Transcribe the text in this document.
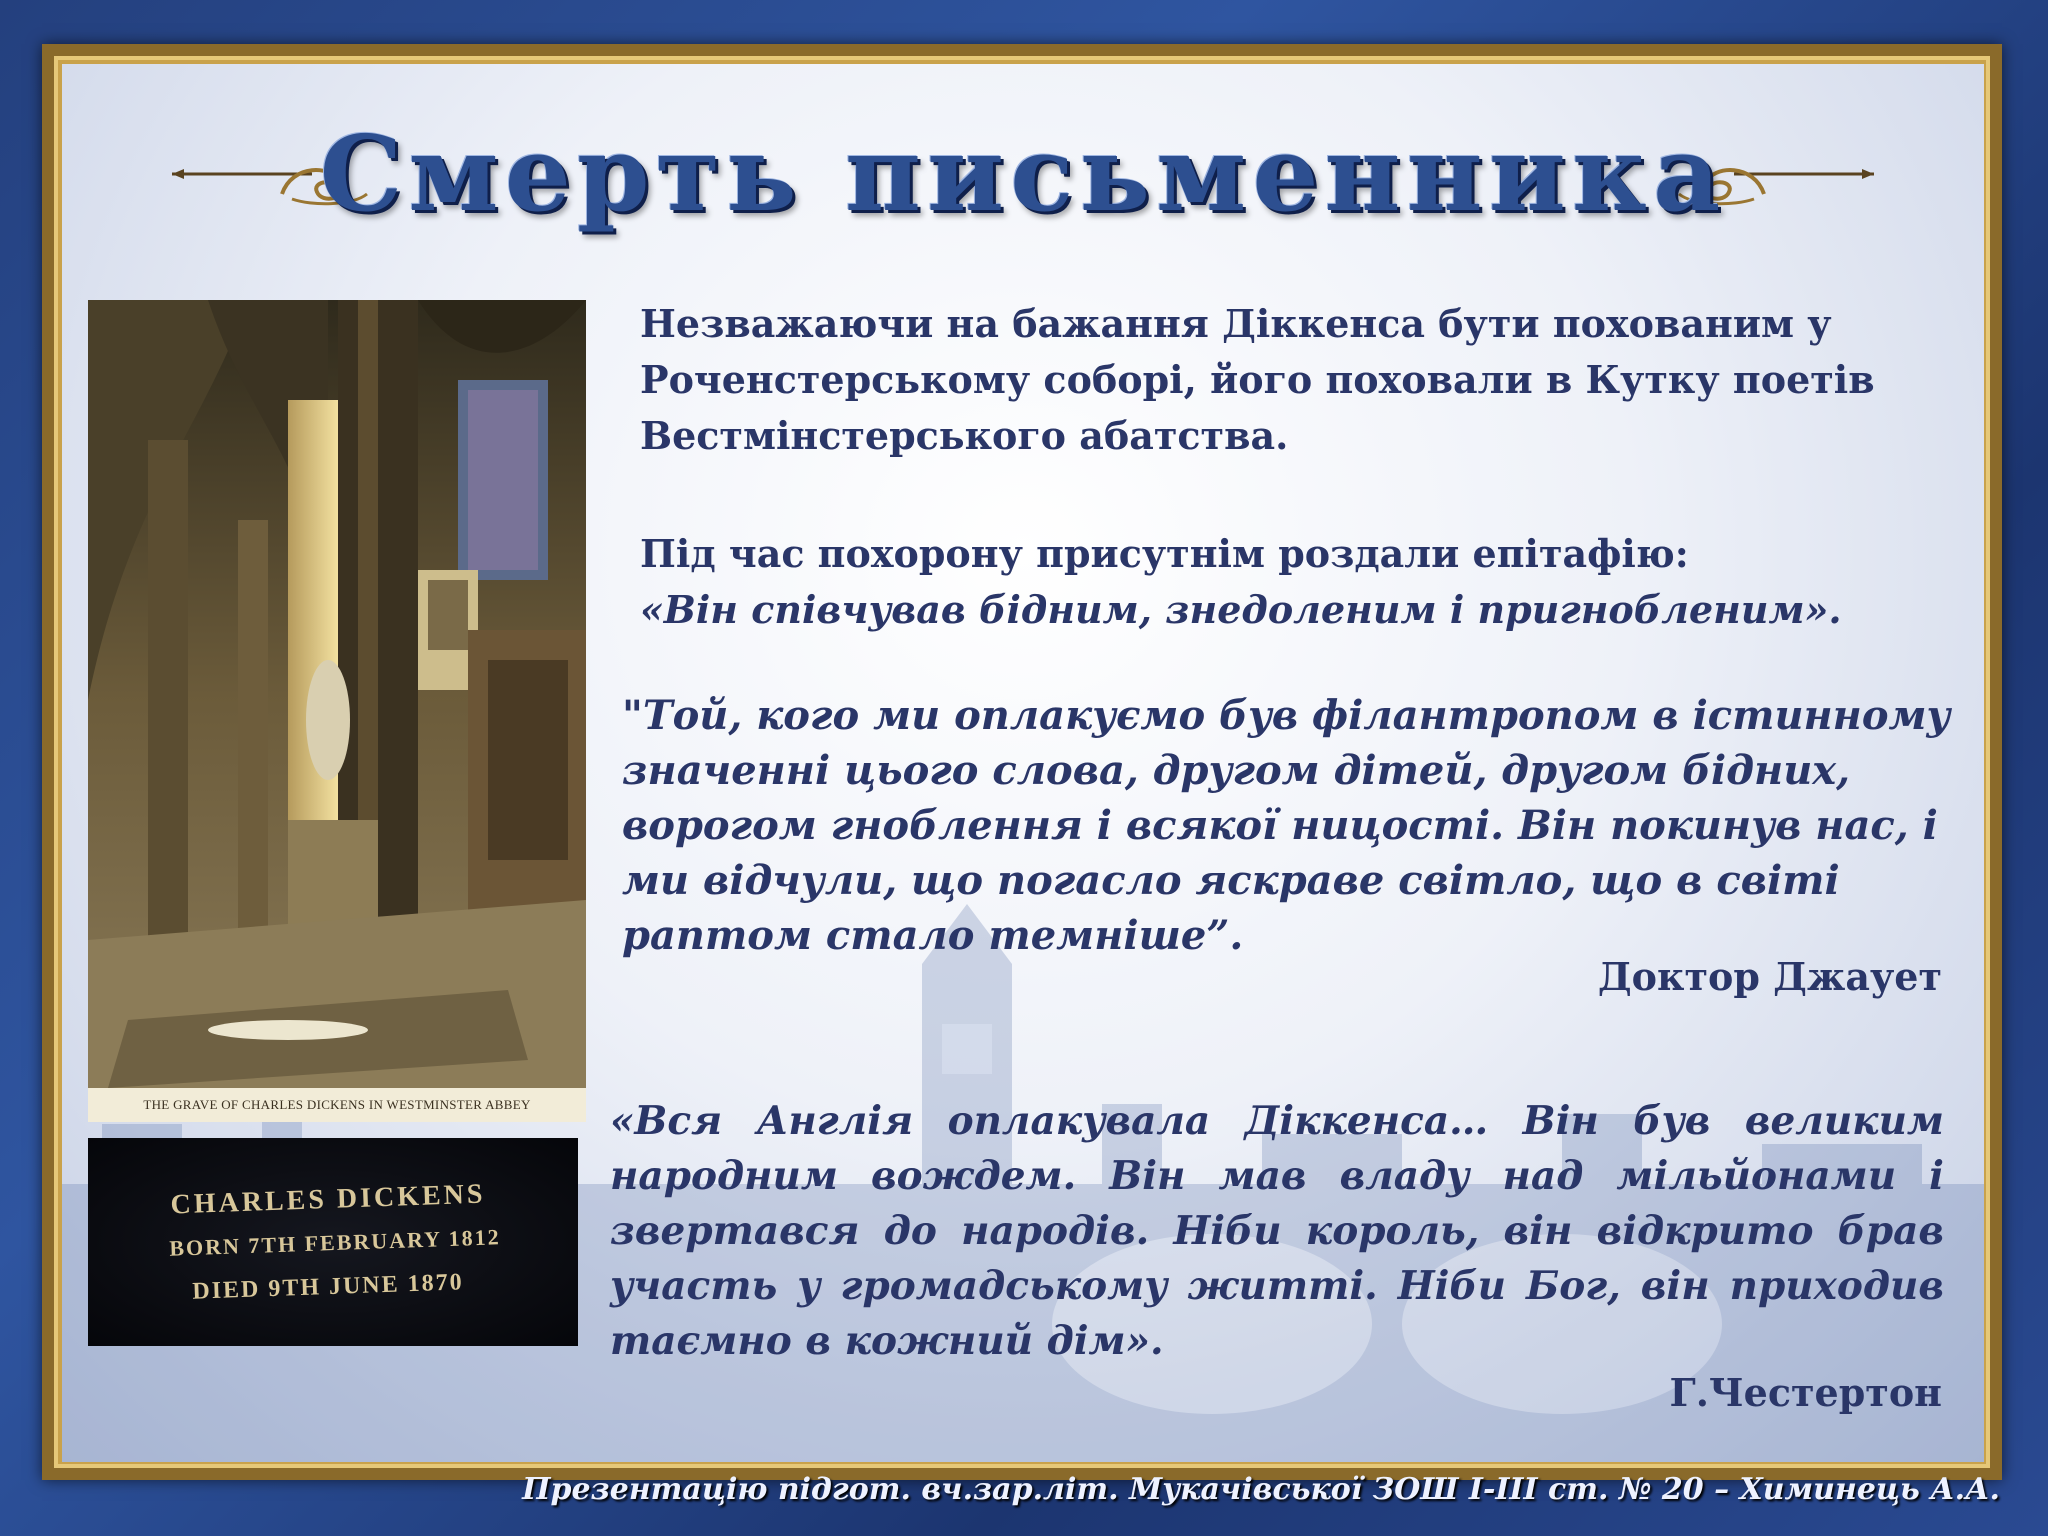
Смерть письменника
THE GRAVE OF CHARLES DICKENS IN WESTMINSTER ABBEY
CHARLES DICKENS
BORN 7TH FEBRUARY 1812
DIED 9TH JUNE 1870
Незважаючи на бажання Діккенса бути похованим у Роченстерському соборі, його поховали в Кутку поетів Вестмінстерського абатства.
Під час похорону присутнім роздали епітафію:
«Він співчував бідним, знедоленим і пригнобленим».
"Той, кого ми оплакуємо був філантропом в істинному значенні цього слова, другом дітей, другом бідних, ворогом гноблення і всякої ницості. Він покинув нас, і ми відчули, що погасло яскраве світло, що в світі раптом стало темніше”.
Доктор Джаует
«Вся Англія оплакувала Діккенса… Він був великим народним вождем. Він мав владу над мільйонами і звертався до народів. Ніби король, він відкрито брав участь у громадському житті. Ніби Бог, він приходив таємно в кожний дім».
Г.Честертон
Презентацію підгот. вч.зар.літ. Мукачівської ЗОШ I-III ст. № 20 – Химинець А.А.
